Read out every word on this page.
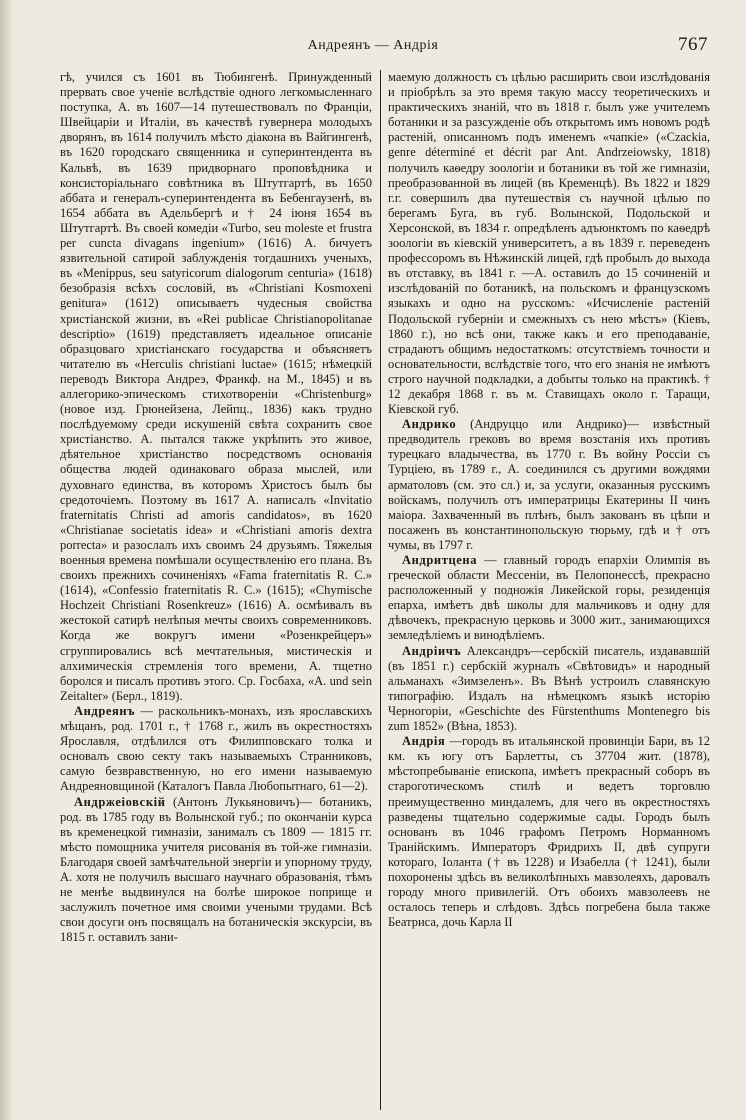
Андреянъ — Андрія	767

гѣ, учился съ 1601 въ Тюбингенѣ. Принужденный прервать свое ученіе вслѣдствіе одного легкомысленнаго поступка, А. въ 1607—14 путешествовалъ по Франціи, Швейцаріи и Италіи, въ качествѣ гувернера молодыхъ дворянъ, въ 1614 получилъ мѣсто діакона въ Вайгингенѣ, въ 1620 городскаго священника и суперинтендента въ Кальвѣ, въ 1639 придворнаго проповѣдника и консисторіальнаго совѣтника въ Штутгартѣ, въ 1650 аббата и генералъ-суперинтендента въ Бебенгаузенѣ, въ 1654 аббата въ Адельбергѣ и † 24 іюня 1654 въ Штутгартѣ. Въ своей комедіи «Turbo, seu moleste et frustra per cuncta divagans ingenium» (1616) А. бичуетъ язвительной сатирой заблужденія тогдашнихъ ученыхъ, въ «Menippus, seu satyricorum dialogorum centuria» (1618) безобразія всѣхъ сословій, въ «Christiani Kosmoxeni genitura» (1612) описываетъ чудесныя свойства христіанской жизни, въ «Rei publicae Christianopolitanae descriptio» (1619) представляетъ идеальное описаніе образцоваго христіанскаго государства и объясняетъ читателю въ «Herculis christiani luctae» (1615; нѣмецкій переводъ Виктора Андреэ, Франкф. на М., 1845) и въ аллегорико-эпическомъ стихотвореніи «Christenburg» (новое изд. Грюнейзена, Лейпц., 1836) какъ трудно послѣдуемому среди искушеній свѣта сохранить свое христіанство. А. пытался также укрѣпить это живое, дѣятельное христіанство посредствомъ основанія общества людей одинаковаго образа мыслей, или духовнаго единства, въ которомъ Христосъ былъ бы средоточіемъ. Поэтому въ 1617 А. написалъ «Invitatio fraternitatis Christi ad amoris candidatos», въ 1620 «Christianae societatis idea» и «Christiani amoris dextra porrecta» и разослалъ ихъ своимъ 24 друзьямъ. Тяжелыя военныя времена помѣшали осуществленію его плана. Въ своихъ прежнихъ сочиненіяхъ «Fama fraternitatis R. C.» (1614), «Confessio fraternitatis R. C.» (1615); «Chymische Hochzeit Christiani Rosenkreuz» (1616) А. осмѣивалъ въ жестокой сатирѣ нелѣпыя мечты своихъ современниковъ. Когда же вокругъ имени «Розенкрейцеръ» сгруппировались всѣ мечтательныя, мистическія и алхимическія стремленія того времени, А. тщетно боролся и писалъ противъ этого. Ср. Госбаха, «A. und sein Zeitalter» (Берл., 1819).

Андреянъ — раскольникъ-монахъ, изъ ярославскихъ мѣщанъ, род. 1701 г., † 1768 г., жилъ въ окрестностяхъ Ярославля, отдѣлился отъ Филипповскаго толка и основалъ свою секту такъ называемыхъ Странниковъ, самую безвравственную, но его имени называемую Андреяновщиной (Каталогъ Павла Любопытнаго, 61—2).

Андржеіовскій (Антонъ Лукьяновичъ)— ботаникъ, род. въ 1785 году въ Волынской губ.; по окончаніи курса въ кременецкой гимназіи, занималъ съ 1809 — 1815 гг. мѣсто помощника учителя рисованія въ той-же гимназіи. Благодаря своей замѣчательной энергіи и упорному труду, А. хотя не получилъ высшаго научнаго образованія, тѣмъ не менѣе выдвинулся на болѣе широкое поприще и заслужилъ почетное имя своими учеными трудами. Всѣ свои досуги онъ посвящалъ на ботаническія экскурсіи, въ 1815 г. оставилъ зани-

маемую должность съ цѣлью расширить свои изслѣдованія и пріобрѣлъ за это время такую массу теоретическихъ и практическихъ знаній, что въ 1818 г. былъ уже учителемъ ботаники и за разсужденіе объ открытомъ имъ новомъ родѣ растеній, описанномъ подъ именемъ «чапкіе» («Czackia, genre déterminé et décrit par Ant. Andrzeiowsky, 1818) получилъ каѳедру зоологіи и ботаники въ той же гимназіи, преобразованной въ лицей (въ Кременцѣ). Въ 1822 и 1829 г.г. совершилъ два путешествія съ научной цѣлью по берегамъ Буга, въ губ. Волынской, Подольской и Херсонской, въ 1834 г. опредѣленъ адъюнктомъ по каѳедрѣ зоологіи въ кіевскій университетъ, а въ 1839 г. переведенъ профессоромъ въ Нѣжинскій лицей, гдѣ пробылъ до выхода въ отставку, въ 1841 г. —А. оставилъ до 15 сочиненій и изслѣдованій по ботаникѣ, на польскомъ и французскомъ языкахъ и одно на русскомъ: «Исчисленіе растеній Подольской губерніи и смежныхъ съ нею мѣстъ» (Кіевъ, 1860 г.), но всѣ они, также какъ и его преподаваніе, страдаютъ общимъ недостаткомъ: отсутствіемъ точности и основательности, вслѣдствіе того, что его знанія не имѣютъ строго научной подкладки, а добыты только на практикѣ. † 12 декабря 1868 г. въ м. Ставищахъ около г. Таращи, Кіевской губ.

Андрико (Андруццо или Андрико)— извѣстный предводитель грековъ во время возстанія ихъ противъ турецкаго владычества, въ 1770 г. Въ войну Россіи съ Турціею, въ 1789 г., А. соединился съ другими вождями арматоловъ (см. это сл.) и, за услуги, оказанныя русскимъ войскамъ, получилъ отъ императрицы Екатерины II чинъ маіора. Захваченный въ плѣнъ, былъ закованъ въ цѣпи и посаженъ въ константинопольскую тюрьму, гдѣ и † отъ чумы, въ 1797 г.

Андритцена — главный городъ епархіи Олимпія въ греческой области Мессеніи, въ Пелопонессѣ, прекрасно расположенный у подножія Ликейской горы, резиденція епарха, имѣетъ двѣ школы для мальчиковъ и одну для дѣвочекъ, прекрасную церковь и 3000 жит., занимающихся земледѣліемъ и винодѣліемъ.

Андріичъ Александръ—сербскій писатель, издававшій (въ 1851 г.) сербскій журналъ «Свѣтовидъ» и народный альманахъ «Зимзеленъ». Въ Вѣнѣ устроилъ славянскую типографію. Издалъ на нѣмецкомъ языкѣ исторію Черногоріи, «Geschichte des Fürstenthums Montenegro bis zum 1852» (Вѣна, 1853).

Андрія —городъ въ итальянской провинціи Бари, въ 12 км. къ югу отъ Барлетты, съ 37704 жит. (1878), мѣстопребываніе епископа, имѣетъ прекрасный соборъ въ староготическомъ стилѣ и ведетъ торговлю преимущественно миндалемъ, для чего въ окрестностяхъ разведены тщательно содержимые сады. Городъ былъ основанъ въ 1046 графомъ Петромъ Норманномъ Транійскимъ. Императоръ Фридрихъ II, двѣ супруги котораго, Іоланта († въ 1228) и Изабелла († 1241), были похоронены здѣсь въ великолѣпныхъ мавзолеяхъ, даровалъ городу много привилегій. Отъ обоихъ мавзолеевъ не осталось теперь и слѣдовъ. Здѣсь погребена была также Беатриса, дочь Карла II
